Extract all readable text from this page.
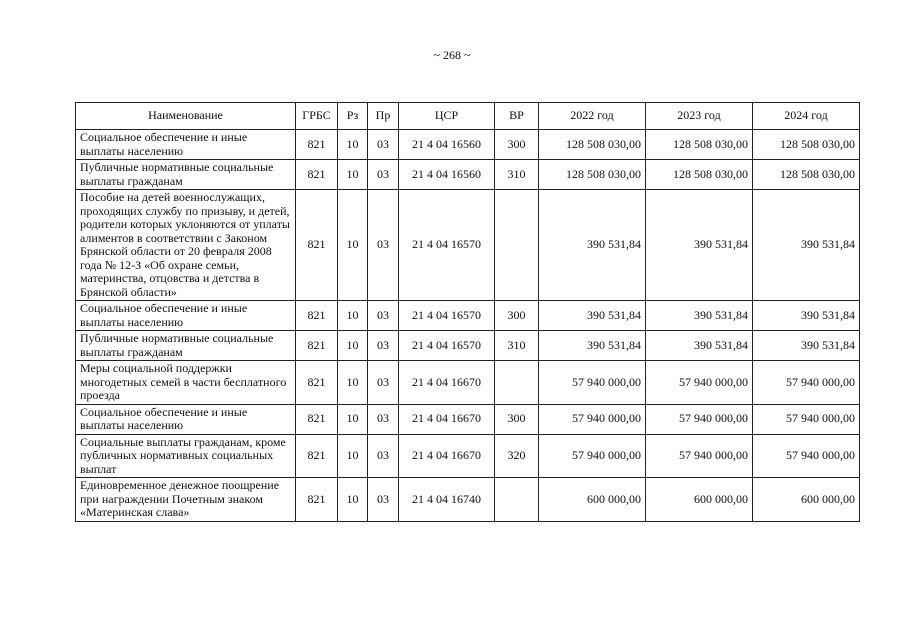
~ 268 ~
Наименование	ГРБС	Рз	Пр	ЦСР	ВР	2022 год	2023 год	2024 год
Социальное обеспечение и иные выплаты населению	821	10	03	21 4 04 16560	300	128 508 030,00	128 508 030,00	128 508 030,00
Публичные нормативные социальные выплаты гражданам	821	10	03	21 4 04 16560	310	128 508 030,00	128 508 030,00	128 508 030,00
Пособие на детей военнослужащих, проходящих службу по призыву, и детей, родители которых уклоняются от уплаты алиментов в соответствии с Законом Брянской области от 20 февраля 2008 года № 12-З «Об охране семьи, материнства, отцовства и детства в Брянской области»	821	10	03	21 4 04 16570		390 531,84	390 531,84	390 531,84
Социальное обеспечение и иные выплаты населению	821	10	03	21 4 04 16570	300	390 531,84	390 531,84	390 531,84
Публичные нормативные социальные выплаты гражданам	821	10	03	21 4 04 16570	310	390 531,84	390 531,84	390 531,84
Меры социальной поддержки многодетных семей в части бесплатного проезда	821	10	03	21 4 04 16670		57 940 000,00	57 940 000,00	57 940 000,00
Социальное обеспечение и иные выплаты населению	821	10	03	21 4 04 16670	300	57 940 000,00	57 940 000,00	57 940 000,00
Социальные выплаты гражданам, кроме публичных нормативных социальных выплат	821	10	03	21 4 04 16670	320	57 940 000,00	57 940 000,00	57 940 000,00
Единовременное денежное поощрение при награждении Почетным знаком «Материнская слава»	821	10	03	21 4 04 16740		600 000,00	600 000,00	600 000,00
